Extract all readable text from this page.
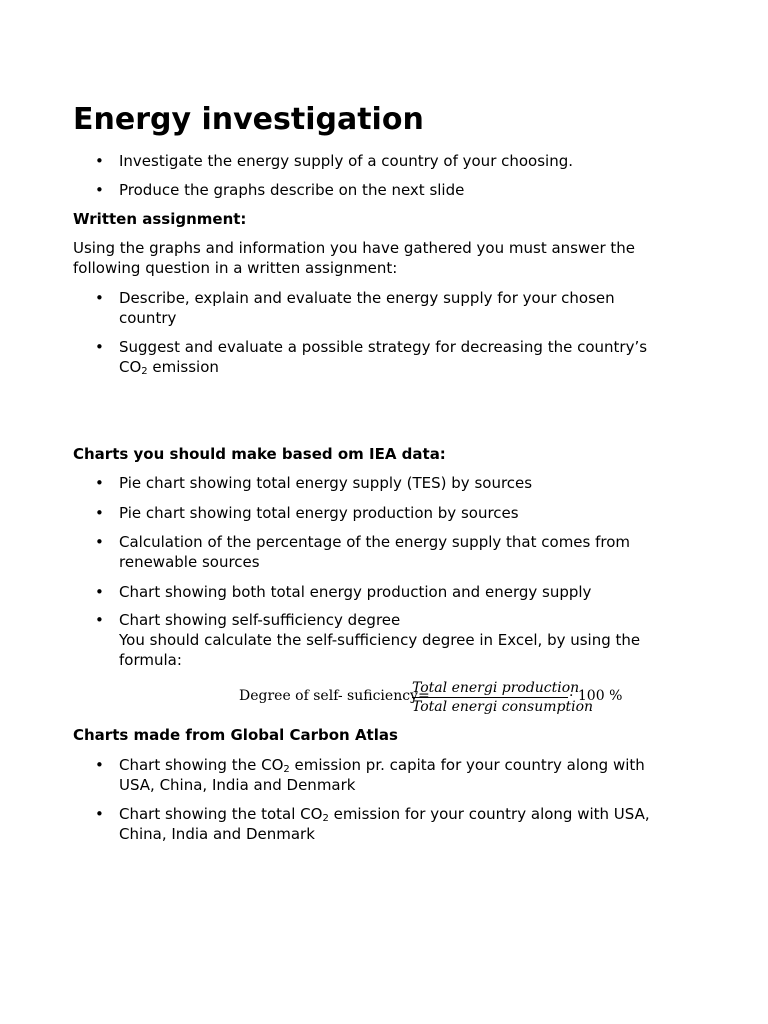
Energy investigation
• Investigate the energy supply of a country of your choosing.
• Produce the graphs describe on the next slide
Written assignment:
Using the graphs and information you have gathered you must answer the
following question in a written assignment:
• Describe, explain and evaluate the energy supply for your chosen
country
• Suggest and evaluate a possible strategy for decreasing the country’s
$CO_2$ emission
Charts you should make based om IEA data:
• Pie chart showing total energy supply (TES) by sources
• Pie chart showing total energy production by sources
• Calculation of the percentage of the energy supply that comes from
renewable sources
• Chart showing both total energy production and energy supply
• Chart showing self-sufficiency degree
You should calculate the self-sufficiency degree in Excel, by using the
formula:
Degree of self- suficiency=
Total energi production
Total energi consumption
· 100 %
Charts made from Global Carbon Atlas
• Chart showing the $CO_2$ emission pr. capita for your country along with
USA, China, India and Denmark
• Chart showing the total $CO_2$ emission for your country along with USA,
China, India and Denmark
